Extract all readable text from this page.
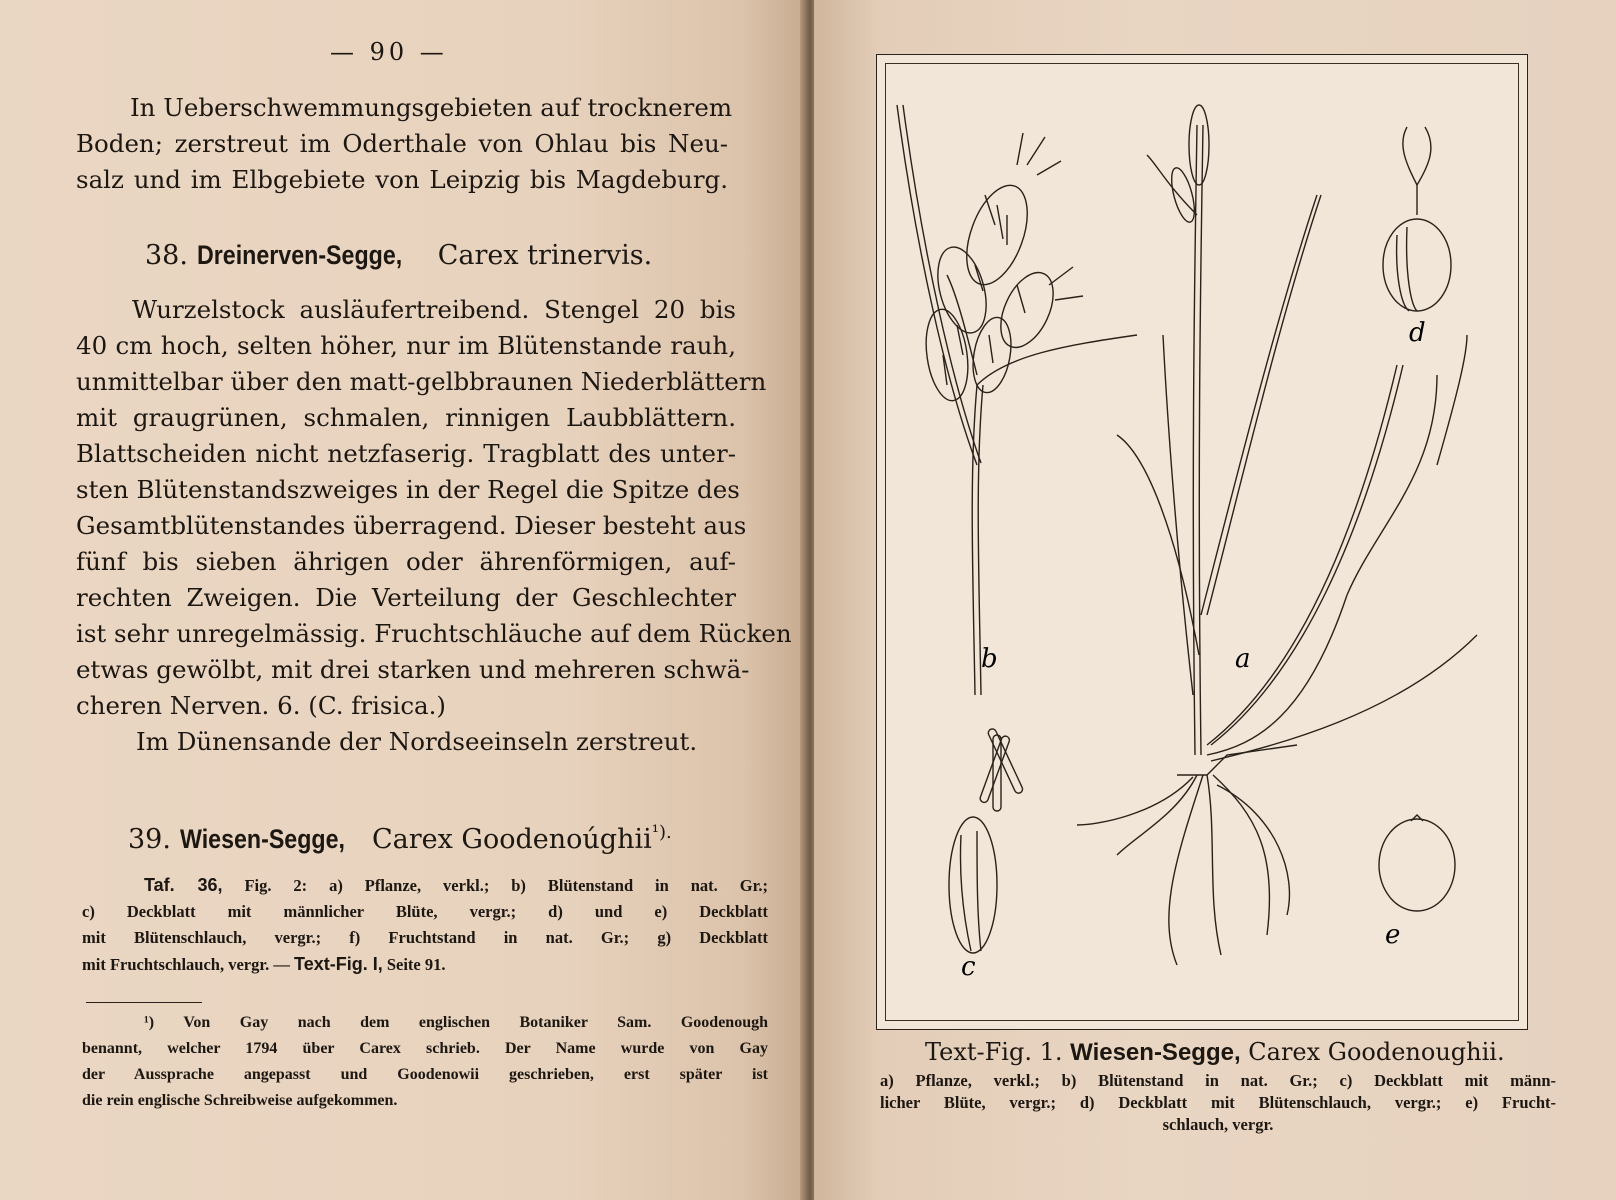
— 90 —
In Ueberschwemmungsgebieten auf trocknerem
Boden; zerstreut im Oderthale von Ohlau bis Neu-
salz und im Elbgebiete von Leipzig bis Magdeburg.
38. Dreinerven-Segge, Carex trinervis.
Wurzelstock ausläufertreibend. Stengel 20 bis
40 cm hoch, selten höher, nur im Blütenstande rauh,
unmittelbar über den matt-gelbbraunen Niederblättern
mit graugrünen, schmalen, rinnigen Laubblättern.
Blattscheiden nicht netzfaserig. Tragblatt des unter-
sten Blütenstandszweiges in der Regel die Spitze des
Gesamtblütenstandes überragend. Dieser besteht aus
fünf bis sieben ährigen oder ährenförmigen, auf-
rechten Zweigen. Die Verteilung der Geschlechter
ist sehr unregelmässig. Fruchtschläuche auf dem Rücken
etwas gewölbt, mit drei starken und mehreren schwä-
cheren Nerven. 6. (C. frisica.)
Im Dünensande der Nordseeinseln zerstreut.
39. Wiesen-Segge, Carex Goodenoúghii$^{^1).}$
Taf. 36, Fig. 2: a) Pflanze, verkl.; b) Blütenstand in nat. Gr.;
c) Deckblatt mit männlicher Blüte, vergr.; d) und e) Deckblatt
mit Blütenschlauch, vergr.; f) Fruchtstand in nat. Gr.; g) Deckblatt
mit Fruchtschlauch, vergr. — Text-Fig. I, Seite 91.
¹) Von Gay nach dem englischen Botaniker Sam. Goodenough
benannt, welcher 1794 über Carex schrieb. Der Name wurde von Gay
der Aussprache angepasst und Goodenowii geschrieben, erst später ist
die rein englische Schreibweise aufgekommen.
b	a
d
c
e
Text-Fig. 1. Wiesen-Segge, Carex Goodenoughii.
a) Pflanze, verkl.; b) Blütenstand in nat. Gr.; c) Deckblatt mit männ-
licher Blüte, vergr.; d) Deckblatt mit Blütenschlauch, vergr.; e) Frucht-
schlauch, vergr.
